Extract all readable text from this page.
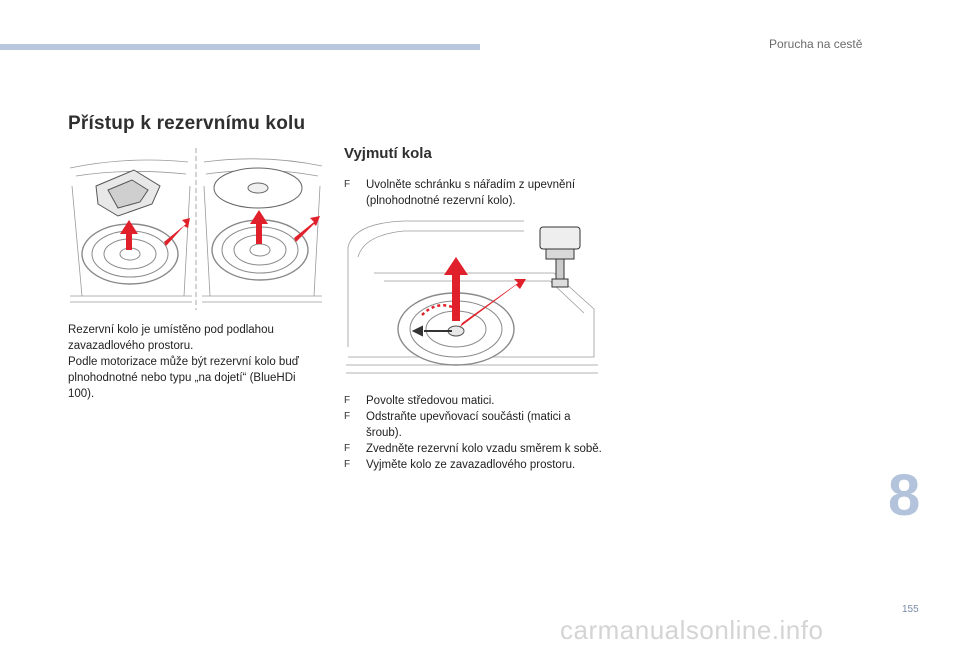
Porucha na cestě
Přístup k rezervnímu kolu

Rezervní kolo je umístěno pod podlahou zavazadlového prostoru.

Podle motorizace může být rezervní kolo buď plnohodnotné nebo typu „na dojetí“ (BlueHDi 100).

Vyjmutí kola
F Uvolněte schránku s nářadím z upevnění (plnohodnotné rezervní kolo).
F Povolte středovou matici.
F Odstraňte upevňovací součásti (matici a šroub).
F Zvedněte rezervní kolo vzadu směrem k sobě.
F Vyjměte kolo ze zavazadlového prostoru.	8
155
carmanualsonline.info
